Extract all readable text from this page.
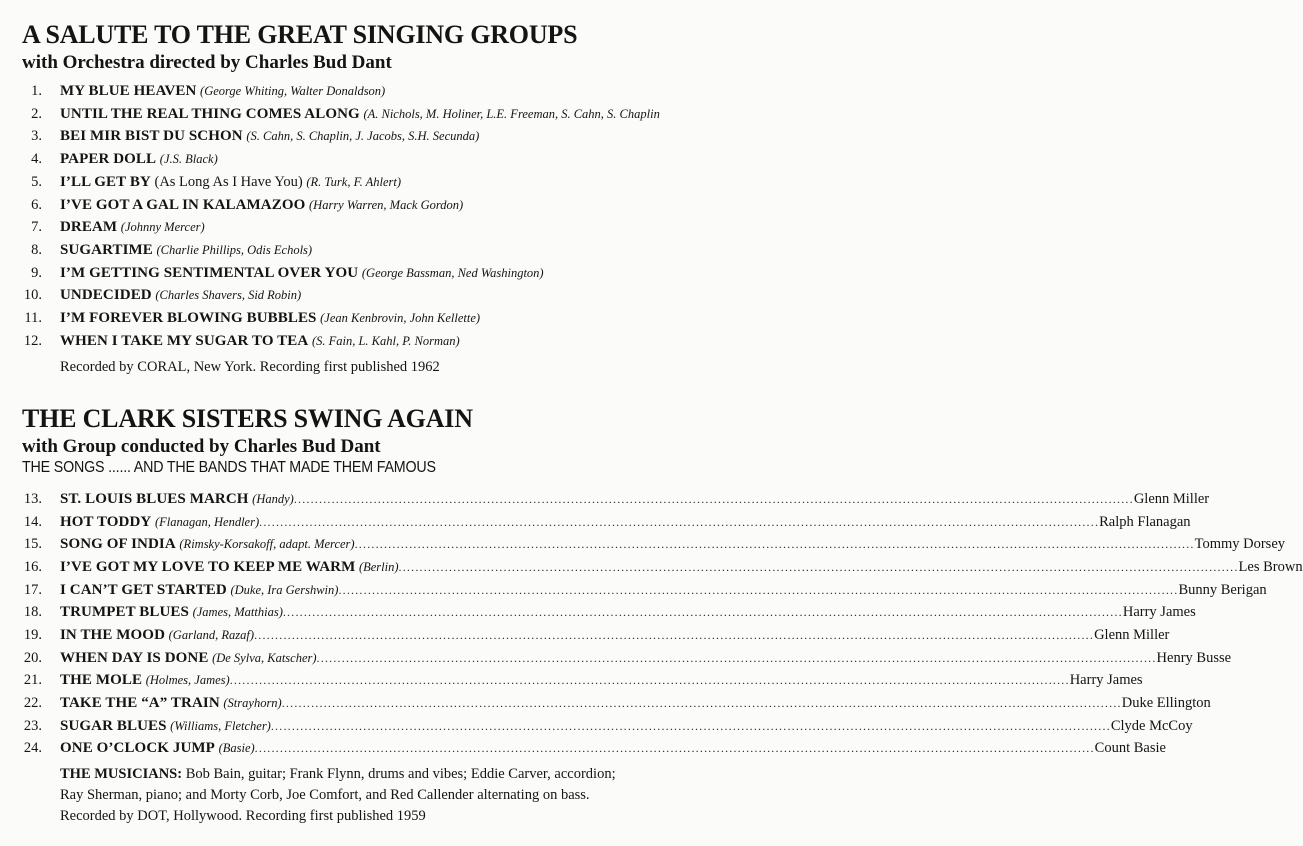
A SALUTE TO THE GREAT SINGING GROUPS
with Orchestra directed by Charles Bud Dant
1. MY BLUE HEAVEN (George Whiting, Walter Donaldson)
2. UNTIL THE REAL THING COMES ALONG (A. Nichols, M. Holiner, L.E. Freeman, S. Cahn, S. Chaplin
3. BEI MIR BIST DU SCHON (S. Cahn, S. Chaplin, J. Jacobs, S.H. Secunda)
4. PAPER DOLL (J.S. Black)
5. I’LL GET BY (As Long As I Have You) (R. Turk, F. Ahlert)
6. I’VE GOT A GAL IN KALAMAZOO (Harry Warren, Mack Gordon)
7. DREAM (Johnny Mercer)
8. SUGARTIME (Charlie Phillips, Odis Echols)
9. I’M GETTING SENTIMENTAL OVER YOU (George Bassman, Ned Washington)
10. UNDECIDED (Charles Shavers, Sid Robin)
11. I’M FOREVER BLOWING BUBBLES (Jean Kenbrovin, John Kellette)
12. WHEN I TAKE MY SUGAR TO TEA (S. Fain, L. Kahl, P. Norman)
Recorded by CORAL, New York. Recording first published 1962
THE CLARK SISTERS SWING AGAIN
with Group conducted by Charles Bud Dant
THE SONGS ...... AND THE BANDS THAT MADE THEM FAMOUS
13. ST. LOUIS BLUES MARCH (Handy) ........................................................................................................................................................................................................ Glenn Miller
14. HOT TODDY (Flanagan, Hendler) ........................................................................................................................................................................................................ Ralph Flanagan
15. SONG OF INDIA (Rimsky-Korsakoff, adapt. Mercer) ........................................................................................................................................................................................................ Tommy Dorsey
16. I’VE GOT MY LOVE TO KEEP ME WARM (Berlin) ........................................................................................................................................................................................................ Les Brown
17. I CAN’T GET STARTED (Duke, Ira Gershwin) ........................................................................................................................................................................................................ Bunny Berigan
18. TRUMPET BLUES (James, Matthias) ........................................................................................................................................................................................................ Harry James
19. IN THE MOOD (Garland, Razaf) ........................................................................................................................................................................................................ Glenn Miller
20. WHEN DAY IS DONE (De Sylva, Katscher) ........................................................................................................................................................................................................ Henry Busse
21. THE MOLE (Holmes, James) ........................................................................................................................................................................................................ Harry James
22. TAKE THE “A” TRAIN (Strayhorn) ........................................................................................................................................................................................................ Duke Ellington
23. SUGAR BLUES (Williams, Fletcher) ........................................................................................................................................................................................................ Clyde McCoy
24. ONE O’CLOCK JUMP (Basie) ........................................................................................................................................................................................................ Count Basie
THE MUSICIANS: Bob Bain, guitar; Frank Flynn, drums and vibes; Eddie Carver, accordion;
Ray Sherman, piano; and Morty Corb, Joe Comfort, and Red Callender alternating on bass.
Recorded by DOT, Hollywood. Recording first published 1959
